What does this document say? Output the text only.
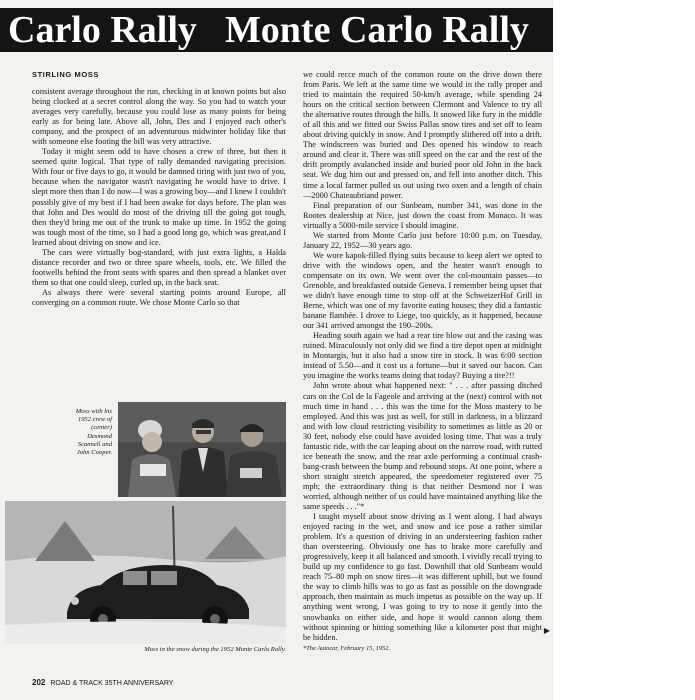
Carlo Rally Monte Carlo Rally Monte C
STIRLING MOSS

consistent average throughout the run, checking in at known points but also being clocked at a secret control along the way. So you had to watch your averages very carefully, because you could lose as many points for being early as for being late. Above all, John, Des and I enjoyed each other's company, and the prospect of an adventurous midwinter holiday like that with someone else footing the bill was very attractive.

Today it might seem odd to have chosen a crew of three, but then it seemed quite logical. That type of rally demanded navigating precision. With four or five days to go, it would be damned tiring with just two of you, because when the navigator wasn't navigating he would have to drive. I slept more then than I do now—I was a growing boy—and I knew I couldn't possibly give of my best if I had been awake for days before. The plan was that John and Des would do most of the driving till the going got tough, then they'd bring me out of the trunk to make up time. In 1952 the going was tough most of the time, so I had a good long go, which was great,and I learned about driving on snow and ice.

The cars were virtually bog-standard, with just extra lights, a Halda distance recorder and two or three spare wheels, tools, etc. We filled the footwells behind the front seats with spares and then spread a blanket over them so that one could sleep, curled up, in the back seat.

As always there were several starting points around Europe, all converging on a common route. We chose Monte Carlo so that

Moss with his
1952 crew of
(center)
Desmond
Scannell and
John Cooper.
Moss in the snow during the 1952 Monte Carlo Rally.

we could recce much of the common route on the drive down there from Paris. We left at the same time we would in the rally proper and tried to maintain the required 50-km/h average, while spending 24 hours on the critical section between Clermont and Valence to try all the alternative routes through the hills. It snowed like fury in the middle of all this and we fitted our Swiss Pallas snow tires and set off to learn about driving quickly in snow. And I promptly slithered off into a drift. The windscreen was buried and Des opened his window to reach around and clear it. There was still speed on the car and the rest of the drift promptly avalanched inside and buried poor old John in the back seat. We dug him out and pressed on, and fell into another ditch. This time a local farmer pulled us out using two oxen and a length of chain—2000 Chateaubriand power.

Final preparation of our Sunbeam, number 341, was done in the Rootes dealership at Nice, just down the coast from Monaco. It was virtually a 5000-mile service I should imagine.

We started from Monte Carlo just before 10:00 p.m. on Tuesday, January 22, 1952—30 years ago.

We wore kapok-filled flying suits because to keep alert we opted to drive with the windows open, and the heater wasn't enough to compensate on its own. We went over the col-mountain passes—to Grenoble, and breakfasted outside Geneva. I remember being upset that we didn't have enough time to stop off at the SchweizerHof Grill in Berne, which was one of my favorite eating houses; they did a fantastic banane flambée. I drove to Liege, too quickly, as it happened, because our 341 arrived amongst the 190–200s.

Heading south again we had a rear tire blow out and the casing was ruined. Miraculously not only did we find a tire depot open at midnight in Montargis, but it also had a snow tire in stock. It was 6:00 section instead of 5.50—and it cost us a fortune—but it saved our bacon. Can you imagine the works teams doing that today? Buying a tire?!!

John wrote about what happened next: " . . . after passing ditched cars on the Col de la Fageole and arriving at the (next) control with not much time in hand . . . this was the time for the Moss mastery to be employed. And this was just as well, for still in darkness, in a blizzard and with low cloud restricting visibility to sometimes as little as 20 or 30 feet, nobody else could have avoided losing time. That was a truly fantastic ride, with the car leaping about on the narrow road, with rutted ice beneath the snow, and the rear axle performing a continual crash-bang-crash between the bump and rebound stops. At one point, where a short straight stretch appeared, the speedometer registered over 75 mph; the extraordinary thing is that neither Desmond nor I was worried, although neither of us could have maintained anything like the same speeds . . ."*

I taught myself about snow driving as I went along. I had always enjoyed racing in the wet, and snow and ice pose a rather similar problem. It's a question of driving in an understeering fashion rather than oversteering. Obviously one has to brake more carefully and progressively, keep it all balanced and smooth. I vividly recall trying to build up my confidence to go fast. Downhill that old Sunbeam would reach 75–80 mph on snow tires—it was different uphill, but we found the way to climb hills was to go as fast as possible on the downgrade approach, then maintain as much impetus as possible on the way up. If anything went wrong, I was going to try to nose it gently into the snowbanks on either side, and hope it would cannon along them without spinning or hitting something like a kilometer post that might be hidden.

*The Autocar, February 15, 1952.
▶
202 ROAD & TRACK 35TH ANNIVERSARY
